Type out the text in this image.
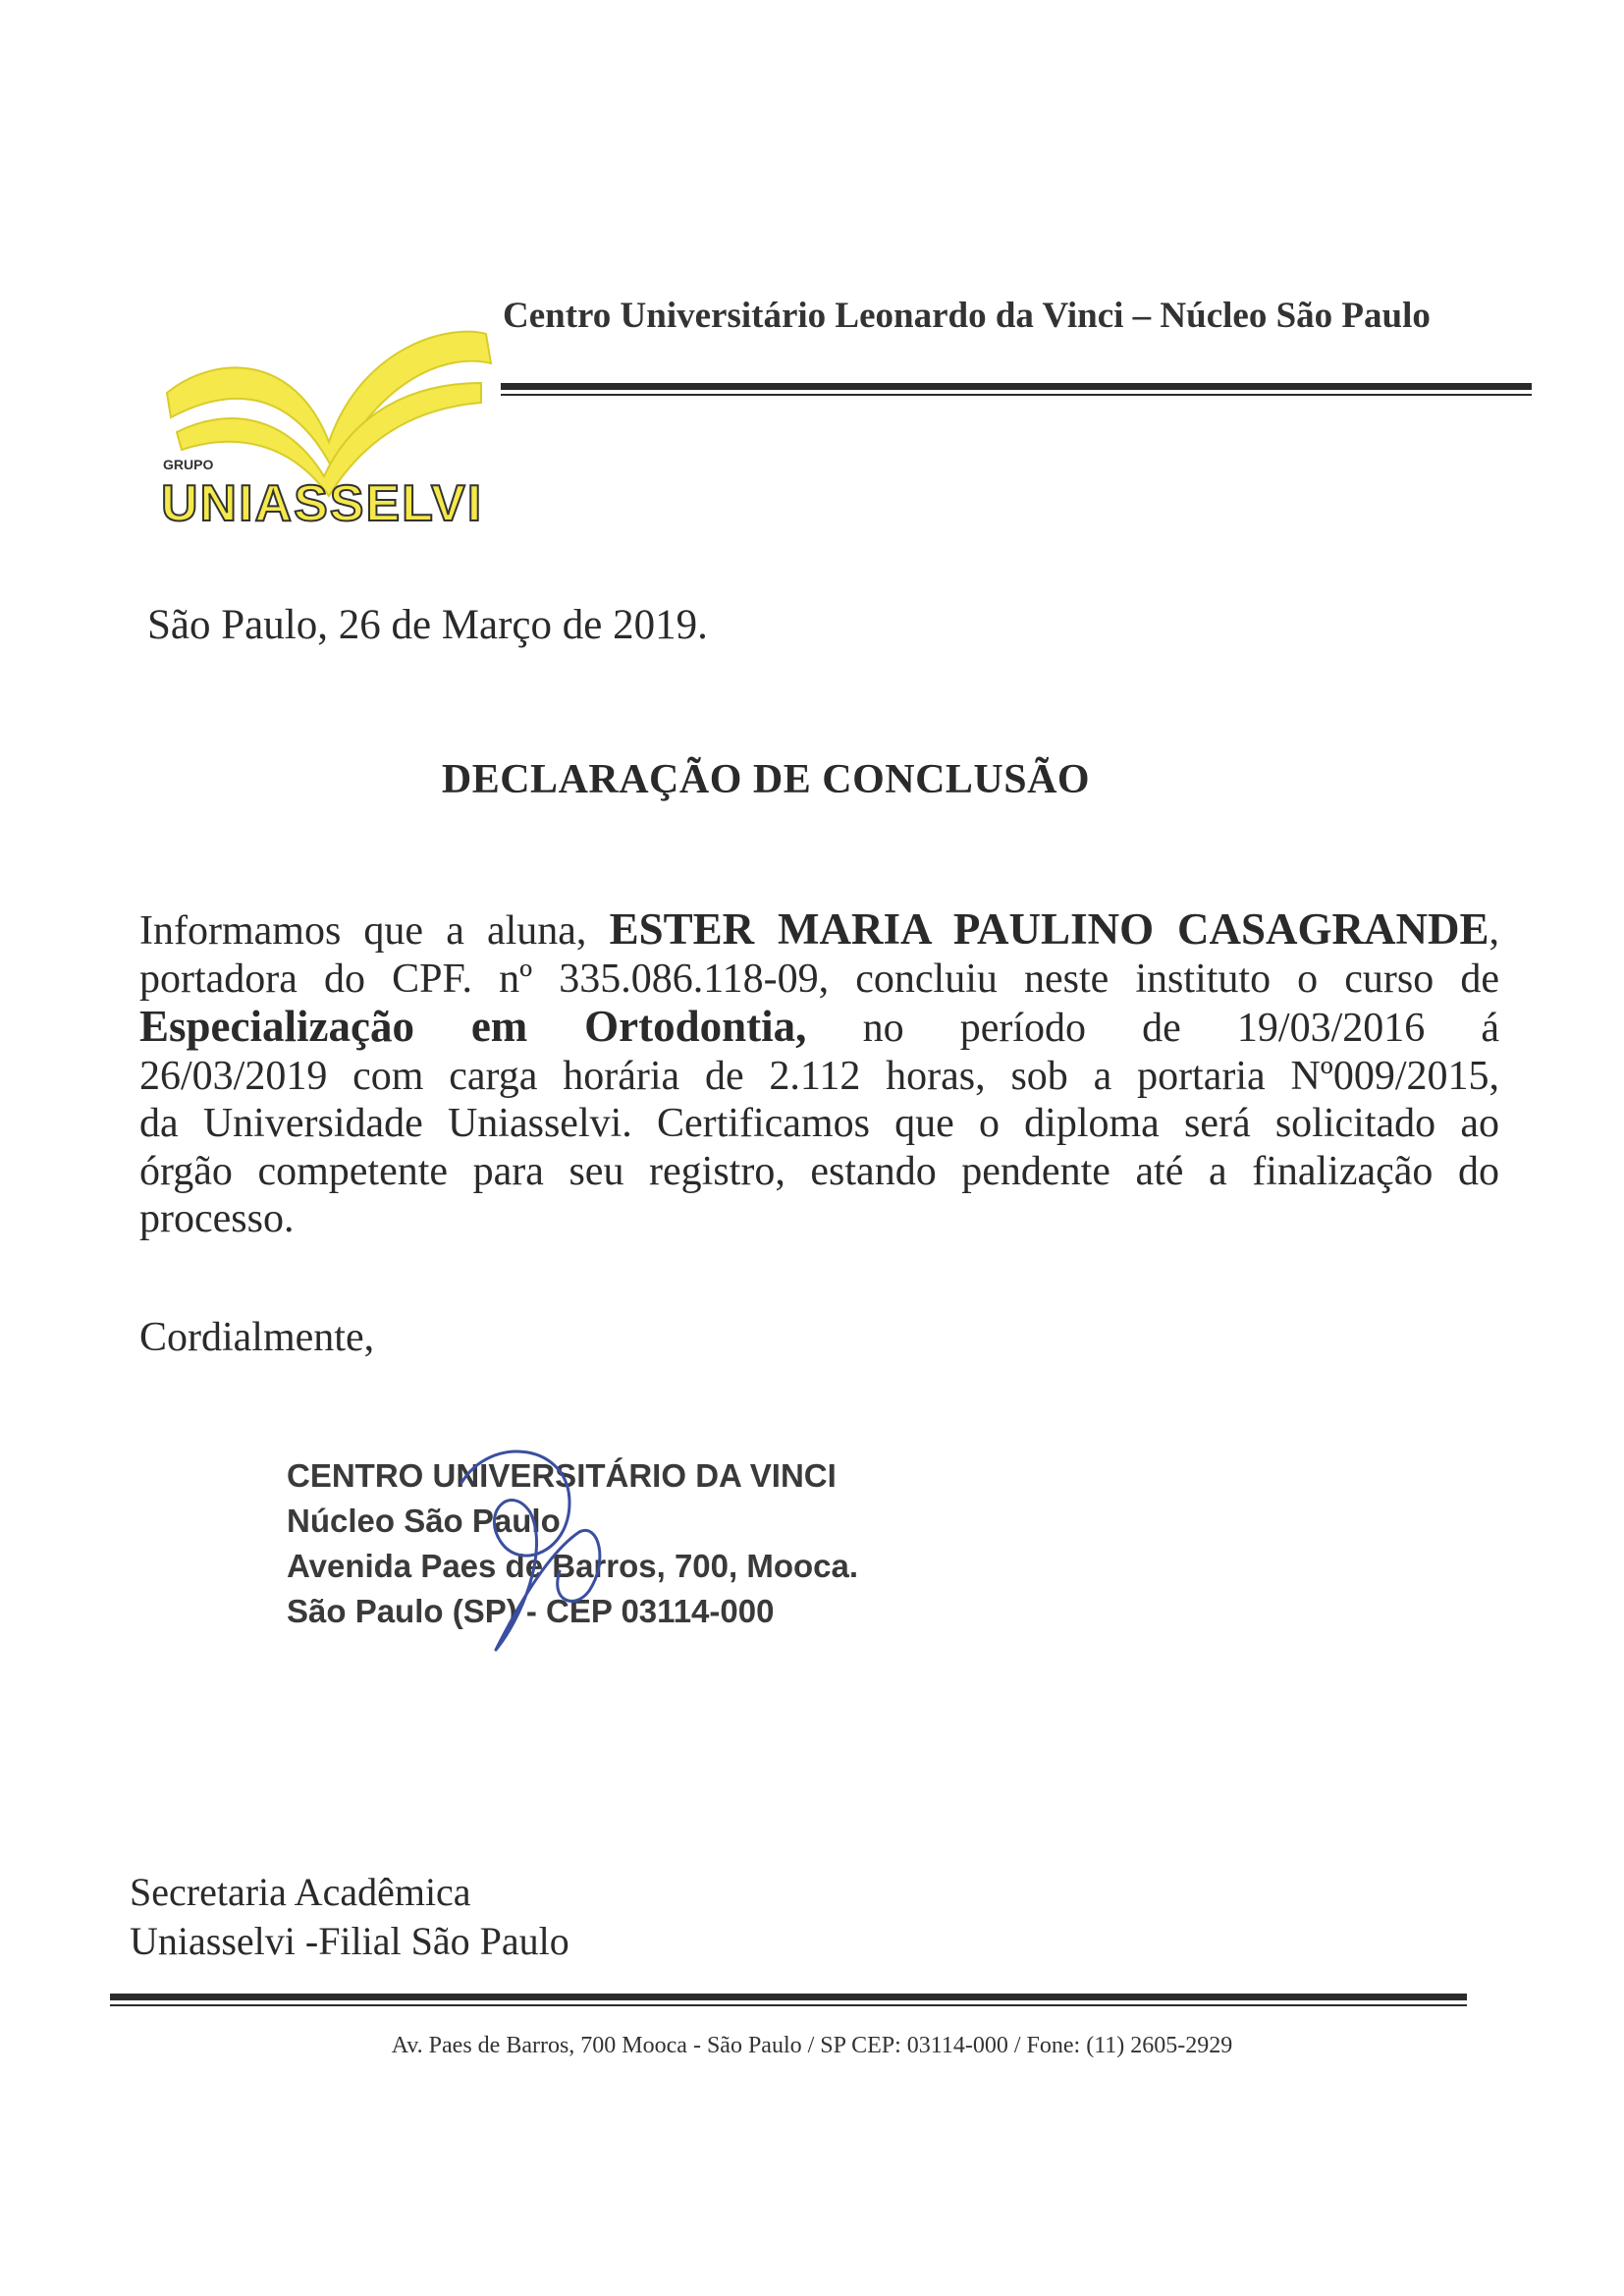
GRUPO
UNIASSELVI
Centro Universitário Leonardo da Vinci – Núcleo São Paulo
São Paulo, 26 de Março de 2019.
DECLARAÇÃO DE CONCLUSÃO
Informamos que a aluna, ESTER MARIA PAULINO CASAGRANDE,
portadora do CPF. nº 335.086.118-09, concluiu neste instituto o curso de
Especialização em Ortodontia, no período de 19/03/2016 á
26/03/2019 com carga horária de 2.112 horas, sob a portaria Nº009/2015,
da Universidade Uniasselvi. Certificamos que o diploma será solicitado ao
órgão competente para seu registro, estando pendente até a finalização do
processo.
Cordialmente,
CENTRO UNIVERSITÁRIO DA VINCI
Núcleo São Paulo
Avenida Paes de Barros, 700, Mooca.
São Paulo (SP) - CEP 03114-000
Secretaria Acadêmica
Uniasselvi -Filial São Paulo
Av. Paes de Barros, 700 Mooca - São Paulo / SP CEP: 03114-000 / Fone: (11) 2605-2929
